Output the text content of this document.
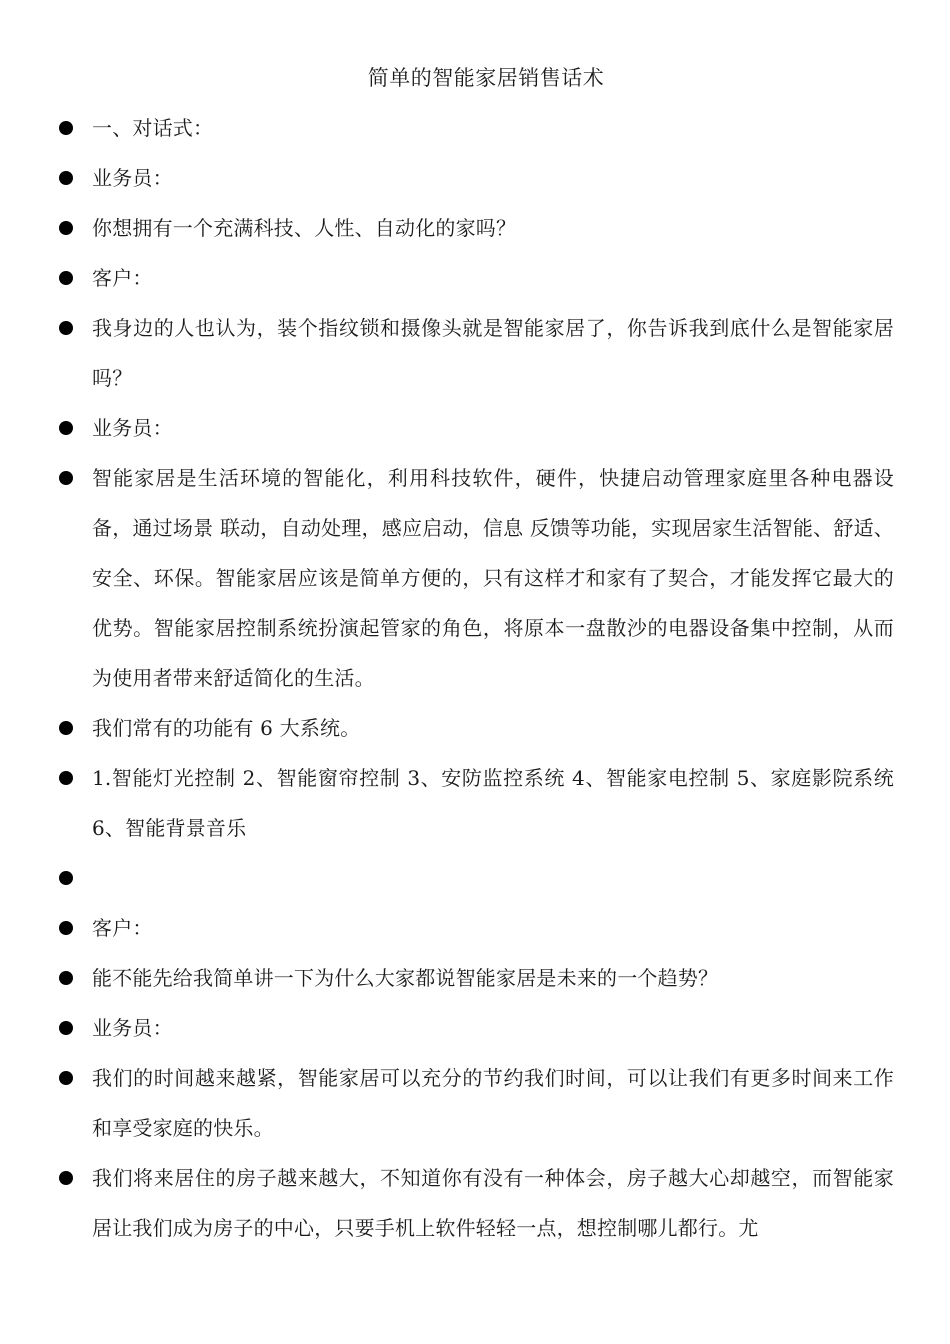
简单的智能家居销售话术
一、对话式：
业务员：
你想拥有一个充满科技、人性、自动化的家吗？
客户：
我身边的人也认为，装个指纹锁和摄像头就是智能家居了，你告诉我到底什么是智能家居吗？
业务员：
智能家居是生活环境的智能化，利用科技软件，硬件，快捷启动管理家庭里各种电器设备，通过场景 联动，自动处理，感应启动，信息 反馈等功能，实现居家生活智能、舒适、安全、环保。智能家居应该是简单方便的，只有这样才和家有了契合，才能发挥它最大的优势。智能家居控制系统扮演起管家的角色，将原本一盘散沙的电器设备集中控制，从而为使用者带来舒适简化的生活。
我们常有的功能有 6 大系统。
1.智能灯光控制 2、智能窗帘控制 3、安防监控系统 4、智能家电控制 5、家庭影院系统 6、智能背景音乐
客户：
能不能先给我简单讲一下为什么大家都说智能家居是未来的一个趋势？
业务员：
我们的时间越来越紧，智能家居可以充分的节约我们时间，可以让我们有更多时间来工作和享受家庭的快乐。
我们将来居住的房子越来越大，不知道你有没有一种体会，房子越大心却越空，而智能家居让我们成为房子的中心，只要手机上软件轻轻一点，想控制哪儿都行。尤
